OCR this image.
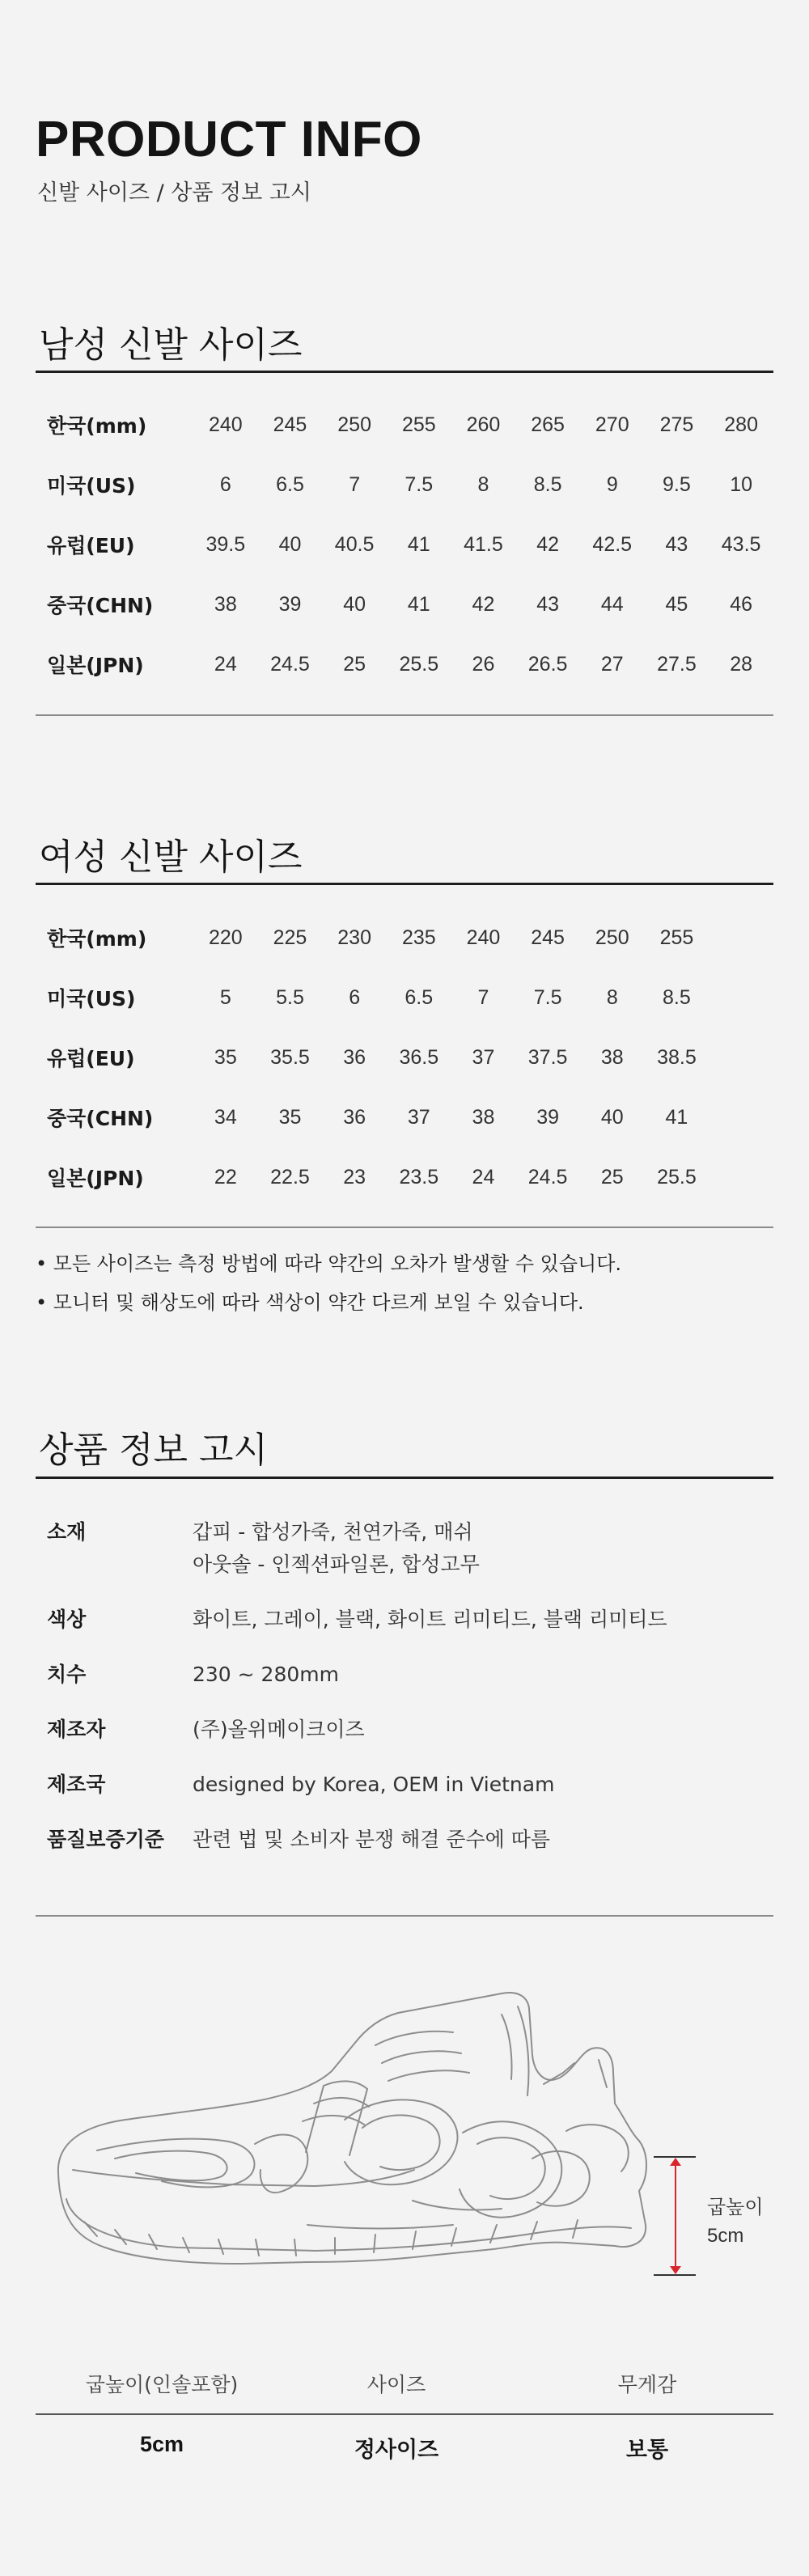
PRODUCT INFO
신발 사이즈 / 상품 정보 고시
남성 신발 사이즈
한국(mm)	240	245	250	255	260	265	270	275	280
미국(US)	6	6.5	7	7.5	8	8.5	9	9.5	10
유럽(EU)	39.5	40	40.5	41	41.5	42	42.5	43	43.5
중국(CHN)	38	39	40	41	42	43	44	45	46
일본(JPN)	24	24.5	25	25.5	26	26.5	27	27.5	28
여성 신발 사이즈
한국(mm)	220	225	230	235	240	245	250	255	
미국(US)	5	5.5	6	6.5	7	7.5	8	8.5	
유럽(EU)	35	35.5	36	36.5	37	37.5	38	38.5	
중국(CHN)	34	35	36	37	38	39	40	41	
일본(JPN)	22	22.5	23	23.5	24	24.5	25	25.5	
• 모든 사이즈는 측정 방법에 따라 약간의 오차가 발생할 수 있습니다.
• 모니터 및 해상도에 따라 색상이 약간 다르게 보일 수 있습니다.
상품 정보 고시
소재	갑피 - 합성가죽, 천연가죽, 매쉬
아웃솔 - 인젝션파일론, 합성고무

색상	화이트, 그레이, 블랙, 화이트 리미티드, 블랙 리미티드

치수	230 ~ 280mm

제조자	(주)올위메이크이즈

제조국	designed by Korea, OEM in Vietnam

품질보증기준	관련 법 및 소비자 분쟁 해결 준수에 따름
굽높이
5cm
굽높이(인솔포함)	사이즈	무게감
5cm	정사이즈	보통
